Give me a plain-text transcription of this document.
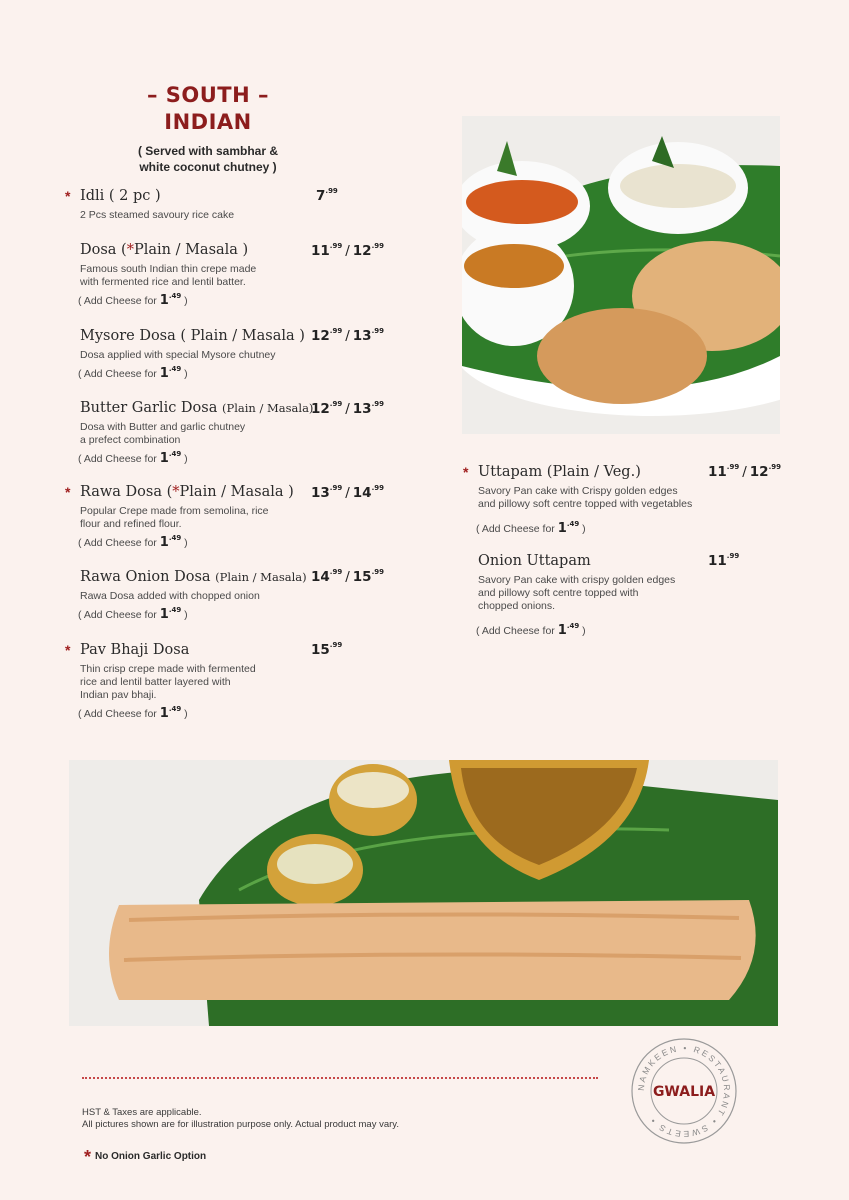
– SOUTH –
INDIAN
( Served with sambhar &
white coconut chutney )
* Idli ( 2 pc )
2 Pcs steamed savoury rice cake
$7^{.99}$
Dosa (*Plain / Masala )
Famous south Indian thin crepe made
with fermented rice and lentil batter.
( Add Cheese for $1^{.49}$ )
$11^{.99} / 12^{.99}$
Mysore Dosa ( Plain / Masala )
Dosa applied with special Mysore chutney
( Add Cheese for $1^{.49}$ )
$12^{.99} / 13^{.99}$
Butter Garlic Dosa (Plain / Masala)
Dosa with Butter and garlic chutney
a prefect combination
( Add Cheese for $1^{.49}$ )
$12^{.99} / 13^{.99}$
* Rawa Dosa (*Plain / Masala )
Popular Crepe made from semolina, rice
flour and refined flour.
( Add Cheese for $1^{.49}$ )
$13^{.99} / 14^{.99}$
Rawa Onion Dosa (Plain / Masala)
Rawa Dosa added with chopped onion
( Add Cheese for $1^{.49}$ )
$14^{.99} / 15^{.99}$
* Pav Bhaji Dosa
Thin crisp crepe made with fermented
rice and lentil batter layered with
Indian pav bhaji.
( Add Cheese for $1^{.49}$ )
$15^{.99}$
* Uttapam (Plain / Veg.)
Savory Pan cake with Crispy golden edges
and pillowy soft centre topped with vegetables
( Add Cheese for $1^{.49}$ )
$11^{.99} / 12^{.99}$
Onion Uttapam
Savory Pan cake with crispy golden edges
and pillowy soft centre topped with
chopped onions.
( Add Cheese for $1^{.49}$ )
$11^{.99}$
HST & Taxes are applicable.
All pictures shown are for illustration purpose only. Actual product may vary.
* No Onion Garlic Option
NAMKEEN • RESTAURANT • SWEETS •
GWALIA
